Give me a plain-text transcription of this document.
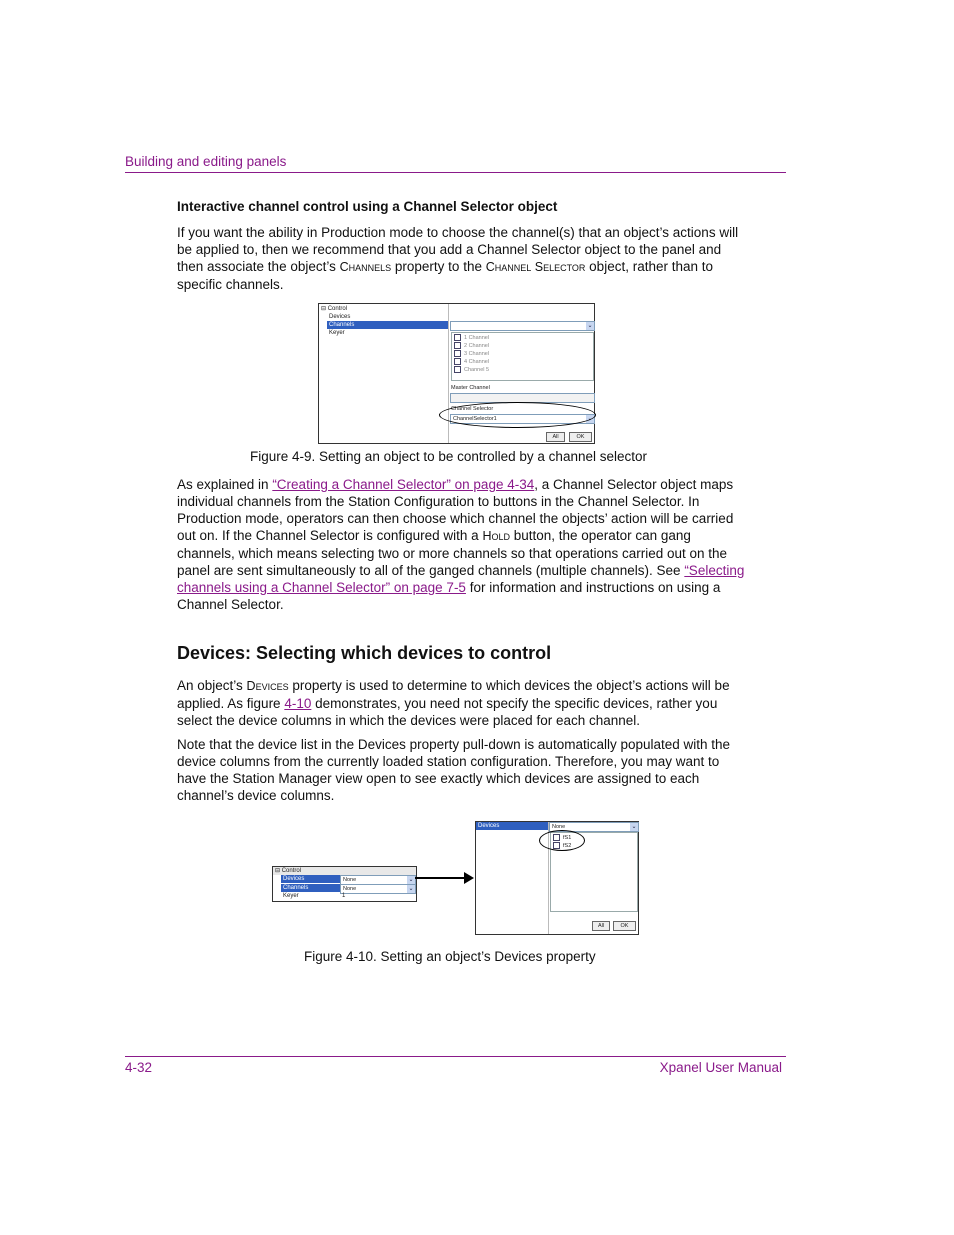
Building and editing panels
Interactive channel control using a Channel Selector object
If you want the ability in Production mode to choose the channel(s) that an object’s actions will be applied to, then we recommend that you add a Channel Selector object to the panel and then associate the object’s Channels property to the Channel Selector object, rather than to specific channels.
⊟ Control
Devices
Channels
Keyer
⌄
1 Channel
2 Channel
3 Channel
4 Channel
Channel 5
Master Channel
Channel Selector
ChannelSelector1	⌄
All	OK
Figure 4-9. Setting an object to be controlled by a channel selector
As explained in “Creating a Channel Selector” on page 4-34, a Channel Selector object maps individual channels from the Station Configuration to buttons in the Channel Selector. In Production mode, operators can then choose which channel the objects’ action will be carried out on. If the Channel Selector is configured with a Hold button, the operator can gang channels, which means selecting two or more channels so that operations carried out on the panel are sent simultaneously to all of the ganged channels (multiple channels). See “Selecting channels using a Channel Selector” on page 7-5 for information and instructions on using a Channel Selector.
Devices: Selecting which devices to control
An object’s Devices property is used to determine to which devices the object’s actions will be applied. As figure 4-10 demonstrates, you need not specify the specific devices, rather you select the device columns in which the devices were placed for each channel.
Note that the device list in the Devices property pull-down is automatically populated with the device columns from the currently loaded station configuration. Therefore, you may want to have the Station Manager view open to see exactly which devices are assigned to each channel’s device columns.
⊟ Control
Devices	None	⌄
Channels	None	⌄
Keyer	1
Devices	None	⌄
fS1
fS2
All	OK
Figure 4-10. Setting an object’s Devices property
4-32	Xpanel User Manual
